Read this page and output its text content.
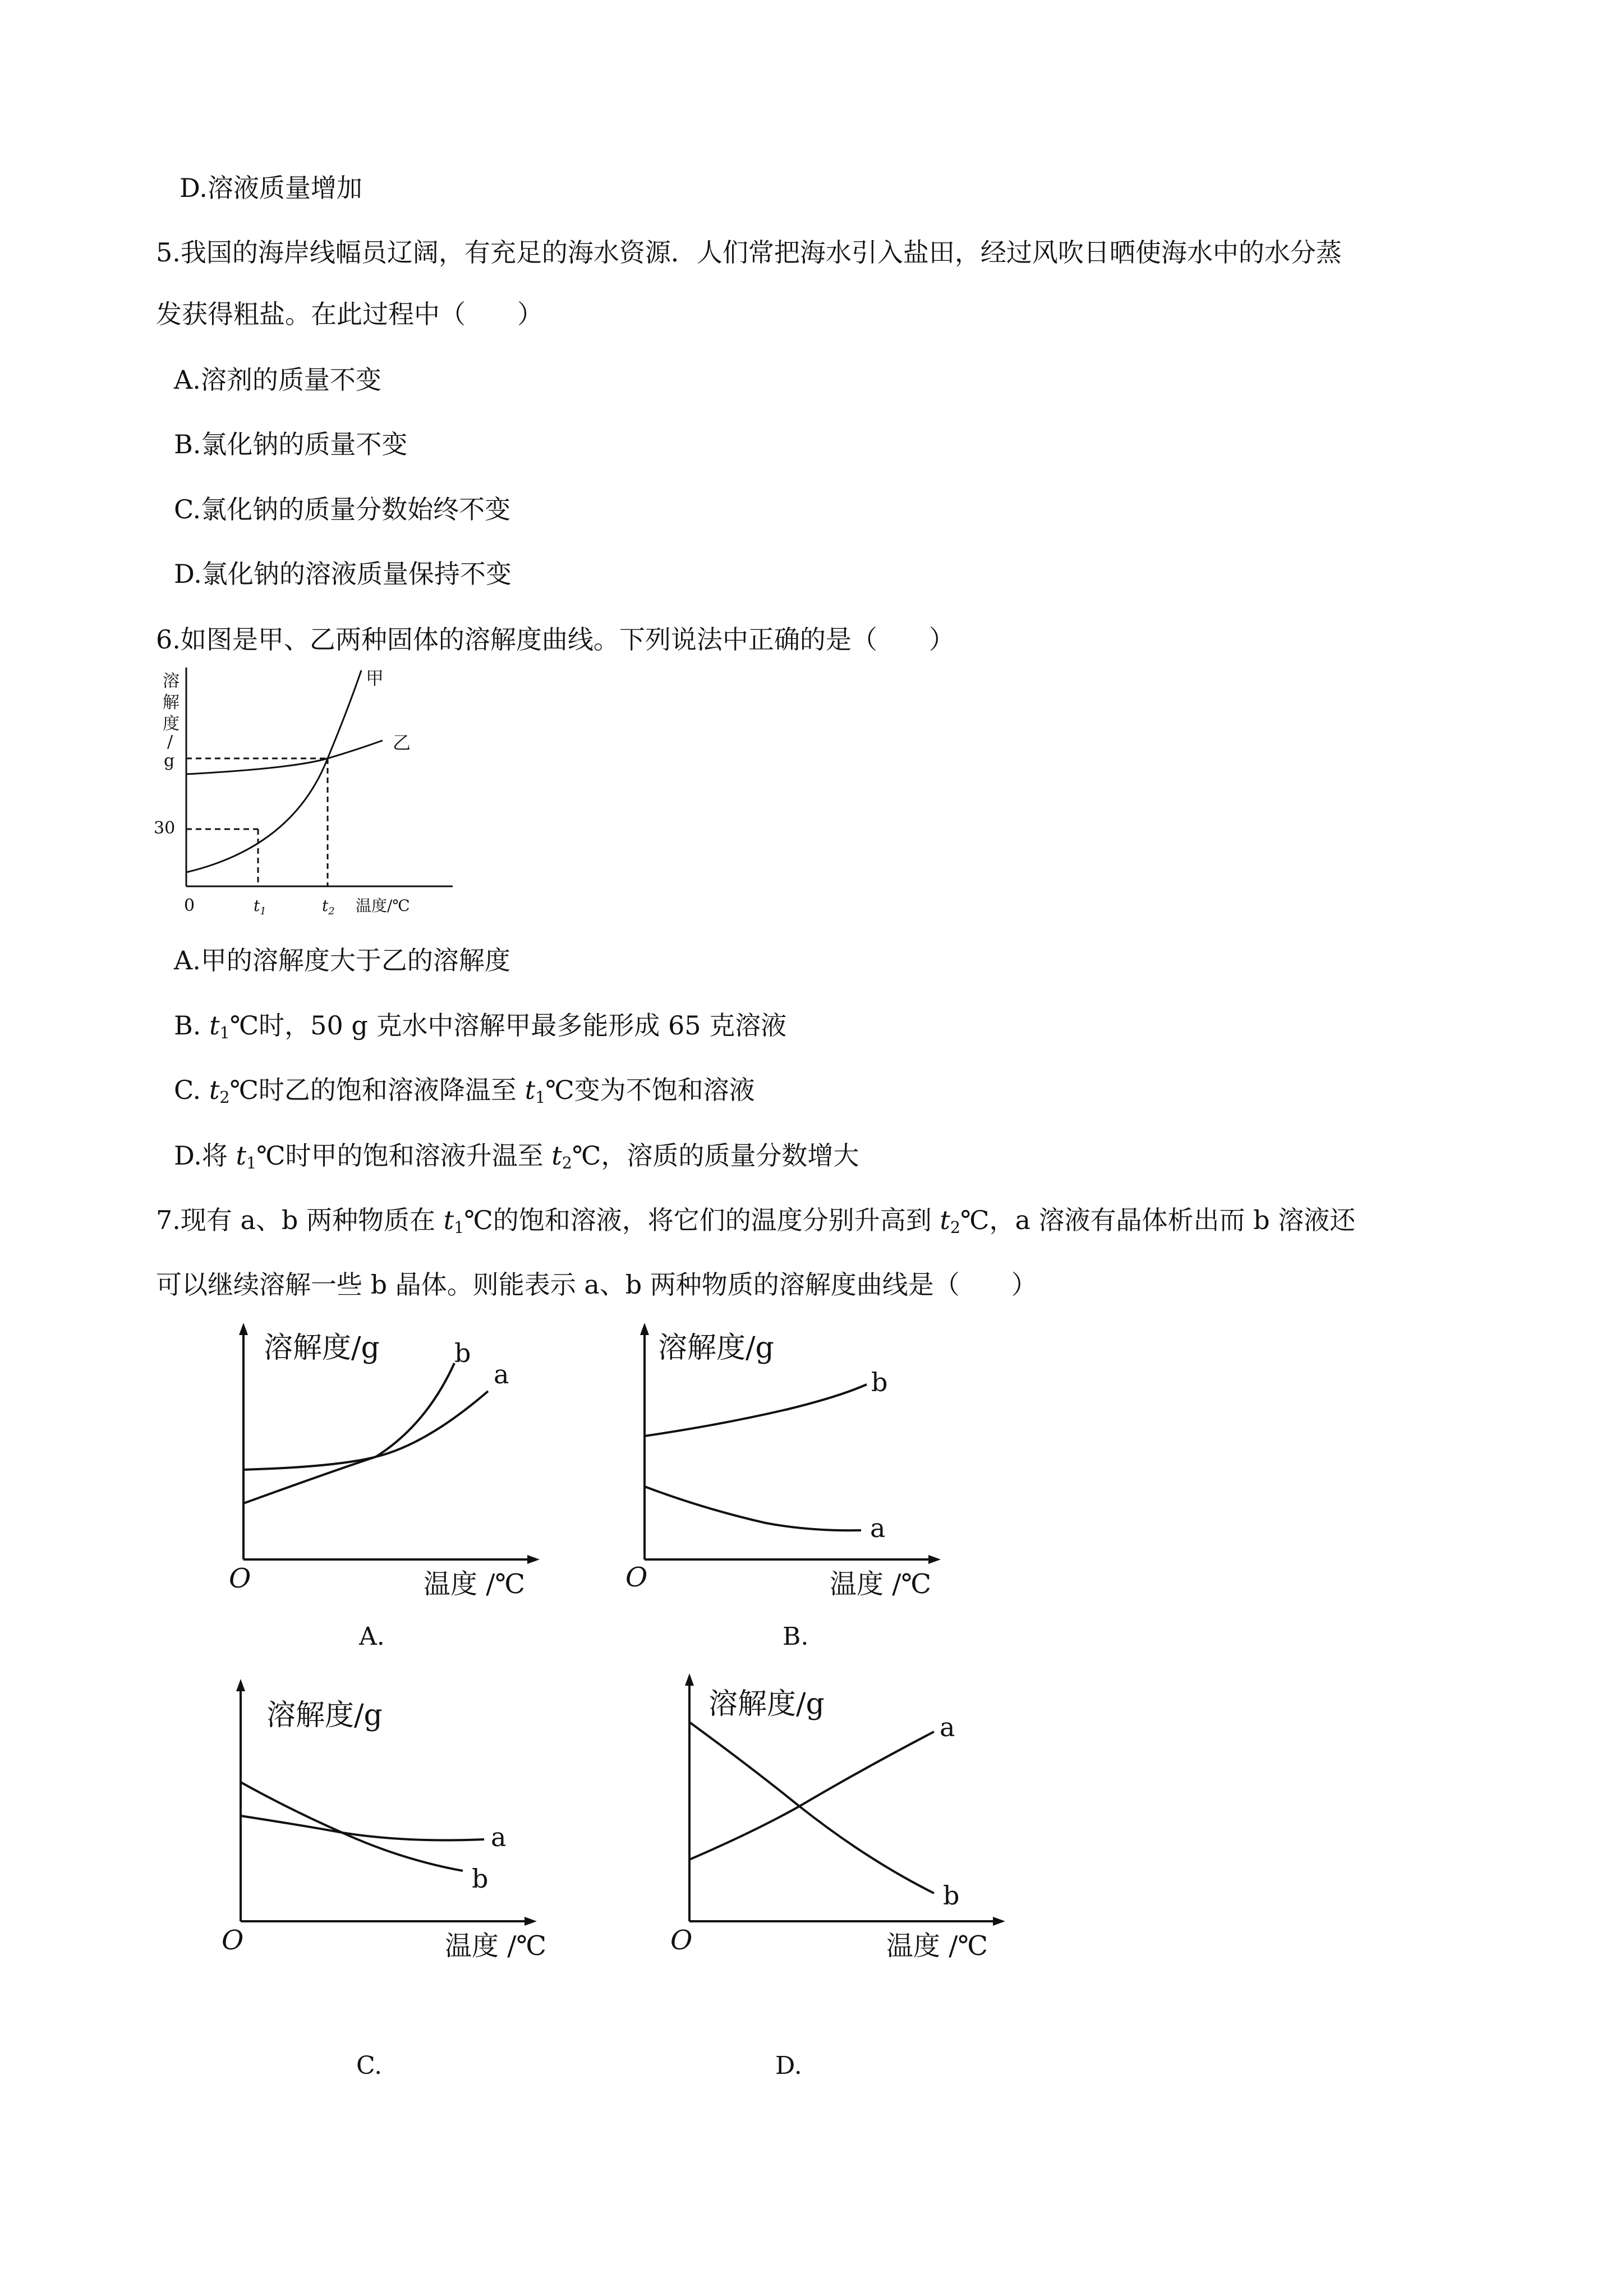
D.溶液质量增加
5.我国的海岸线幅员辽阔，有充足的海水资源．人们常把海水引入盐田，经过风吹日晒使海水中的水分蒸
发获得粗盐。在此过程中（　　）
A.溶剂的质量不变
B.氯化钠的质量不变
C.氯化钠的质量分数始终不变
D.氯化钠的溶液质量保持不变
6.如图是甲、乙两种固体的溶解度曲线。下列说法中正确的是（　　）
溶
解
度
/
g
30
0
甲
乙
$t_1$	$t_2$ 温度/℃
A.甲的溶解度大于乙的溶解度
B. $t_1℃$时，50 g 克水中溶解甲最多能形成 65 克溶液
C. $t_2℃$时乙的饱和溶液降温至 $t_1℃$变为不饱和溶液
D.将 $t_1℃$时甲的饱和溶液升温至 $t_2℃$，溶质的质量分数增大
7.现有 a、b 两种物质在 $t_1℃$的饱和溶液，将它们的温度分别升高到 $t_2℃$，a 溶液有晶体析出而 b 溶液还
可以继续溶解一些 b 晶体。则能表示 a、b 两种物质的溶解度曲线是（　　）
溶解度/g
O	温度 /℃
a
b
A.
溶解度/g
O	温度 /℃
b
a
B.
溶解度/g
O	温度 /℃
a
b
C.
溶解度/g
O	温度 /℃
a
b
D.
